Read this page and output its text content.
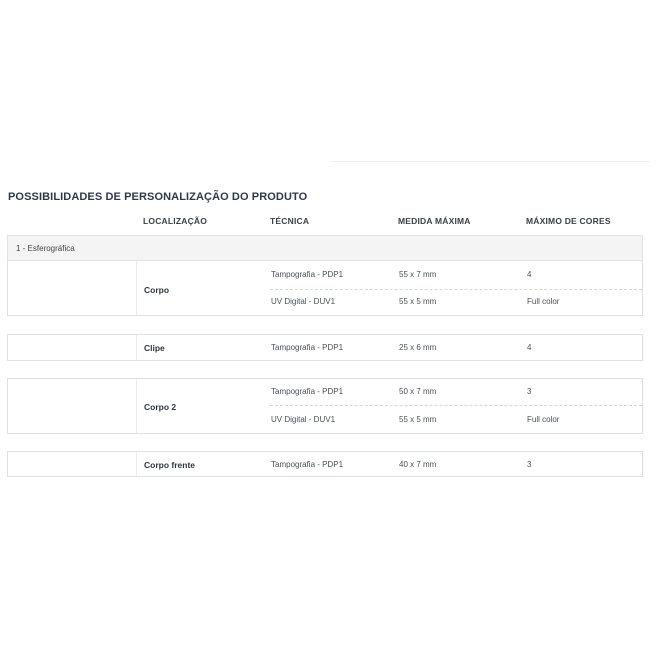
POSSIBILIDADES DE PERSONALIZAÇÃO DO PRODUTO
LOCALIZAÇÃO	TÉCNICA	MEDIDA MÁXIMA	MÁXIMO DE CORES
1 - Esferográfica
Corpo
Tampografia - PDP1	55 x 7 mm	4
UV Digital - DUV1	55 x 5 mm	Full color
Clipe	Tampografia - PDP1	25 x 6 mm	4
Corpo 2
Tampografia - PDP1	50 x 7 mm	3
UV Digital - DUV1	55 x 5 mm	Full color
Corpo frente	Tampografia - PDP1	40 x 7 mm	3
